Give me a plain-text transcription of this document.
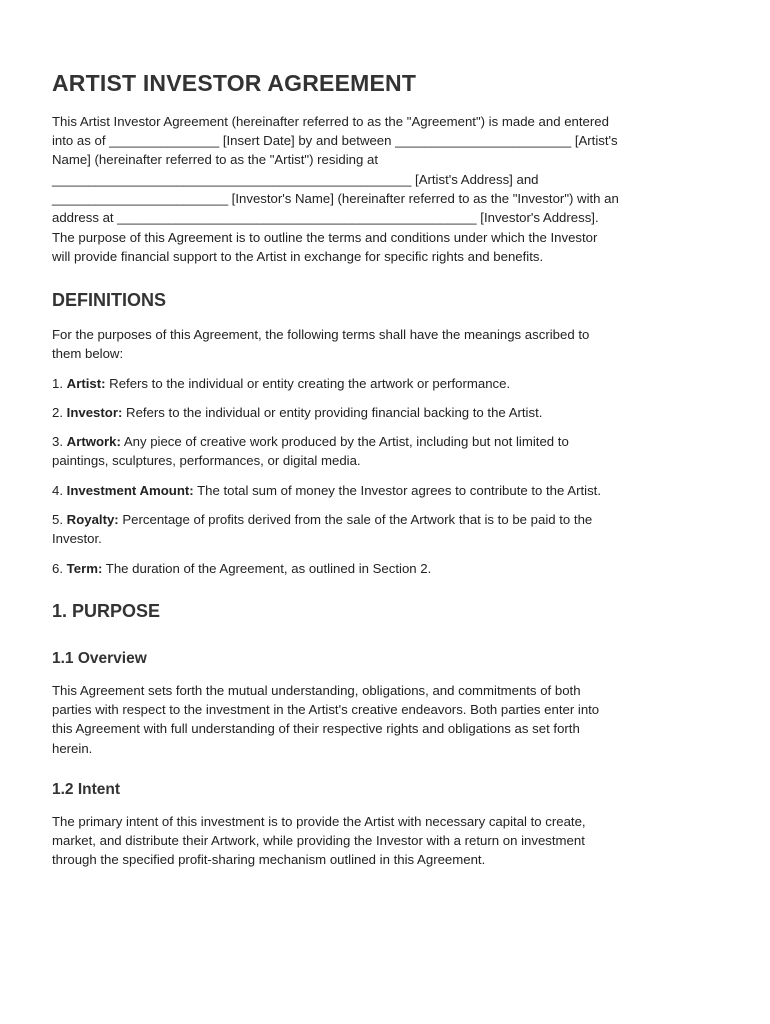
ARTIST INVESTOR AGREEMENT

This Artist Investor Agreement (hereinafter referred to as the "Agreement") is made and entered

into as of _______________ [Insert Date] by and between ________________________ [Artist's

Name] (hereinafter referred to as the "Artist") residing at

_________________________________________________ [Artist's Address] and

________________________ [Investor's Name] (hereinafter referred to as the "Investor") with an

address at _________________________________________________ [Investor's Address].

The purpose of this Agreement is to outline the terms and conditions under which the Investor

will provide financial support to the Artist in exchange for specific rights and benefits.

DEFINITIONS

For the purposes of this Agreement, the following terms shall have the meanings ascribed to

them below:

1. Artist: Refers to the individual or entity creating the artwork or performance.

2. Investor: Refers to the individual or entity providing financial backing to the Artist.

3. Artwork: Any piece of creative work produced by the Artist, including but not limited to

paintings, sculptures, performances, or digital media.

4. Investment Amount: The total sum of money the Investor agrees to contribute to the Artist.

5. Royalty: Percentage of profits derived from the sale of the Artwork that is to be paid to the

Investor.

6. Term: The duration of the Agreement, as outlined in Section 2.

1. PURPOSE
1.1 Overview

This Agreement sets forth the mutual understanding, obligations, and commitments of both

parties with respect to the investment in the Artist's creative endeavors. Both parties enter into

this Agreement with full understanding of their respective rights and obligations as set forth

herein.

1.2 Intent

The primary intent of this investment is to provide the Artist with necessary capital to create,

market, and distribute their Artwork, while providing the Investor with a return on investment

through the specified profit-sharing mechanism outlined in this Agreement.
